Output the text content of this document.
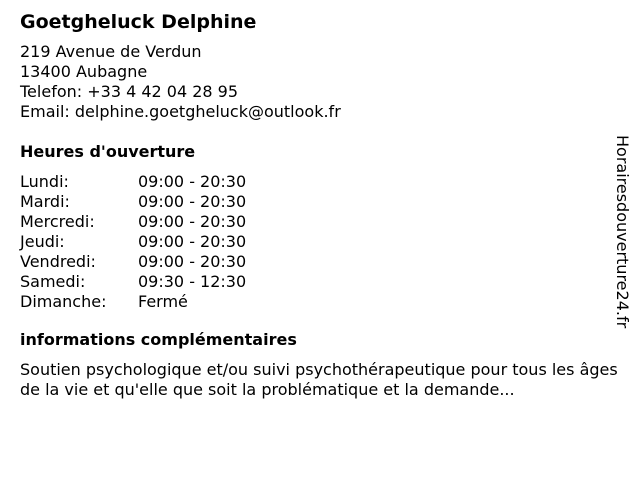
Goetgheluck Delphine
219 Avenue de Verdun
13400 Aubagne
Telefon: +33 4 42 04 28 95
Email: delphine.goetgheluck@outlook.fr
Heures d'ouverture
Lundi:	09:00 - 20:30
Mardi:	09:00 - 20:30
Mercredi:	09:00 - 20:30
Jeudi:	09:00 - 20:30
Vendredi:	09:00 - 20:30
Samedi:	09:30 - 12:30
Dimanche:	Fermé
informations complémentaires
Soutien psychologique et/ou suivi psychothérapeutique pour tous les âges de la vie et qu'elle que soit la problématique et la demande...
Horairesdouverture24.fr
